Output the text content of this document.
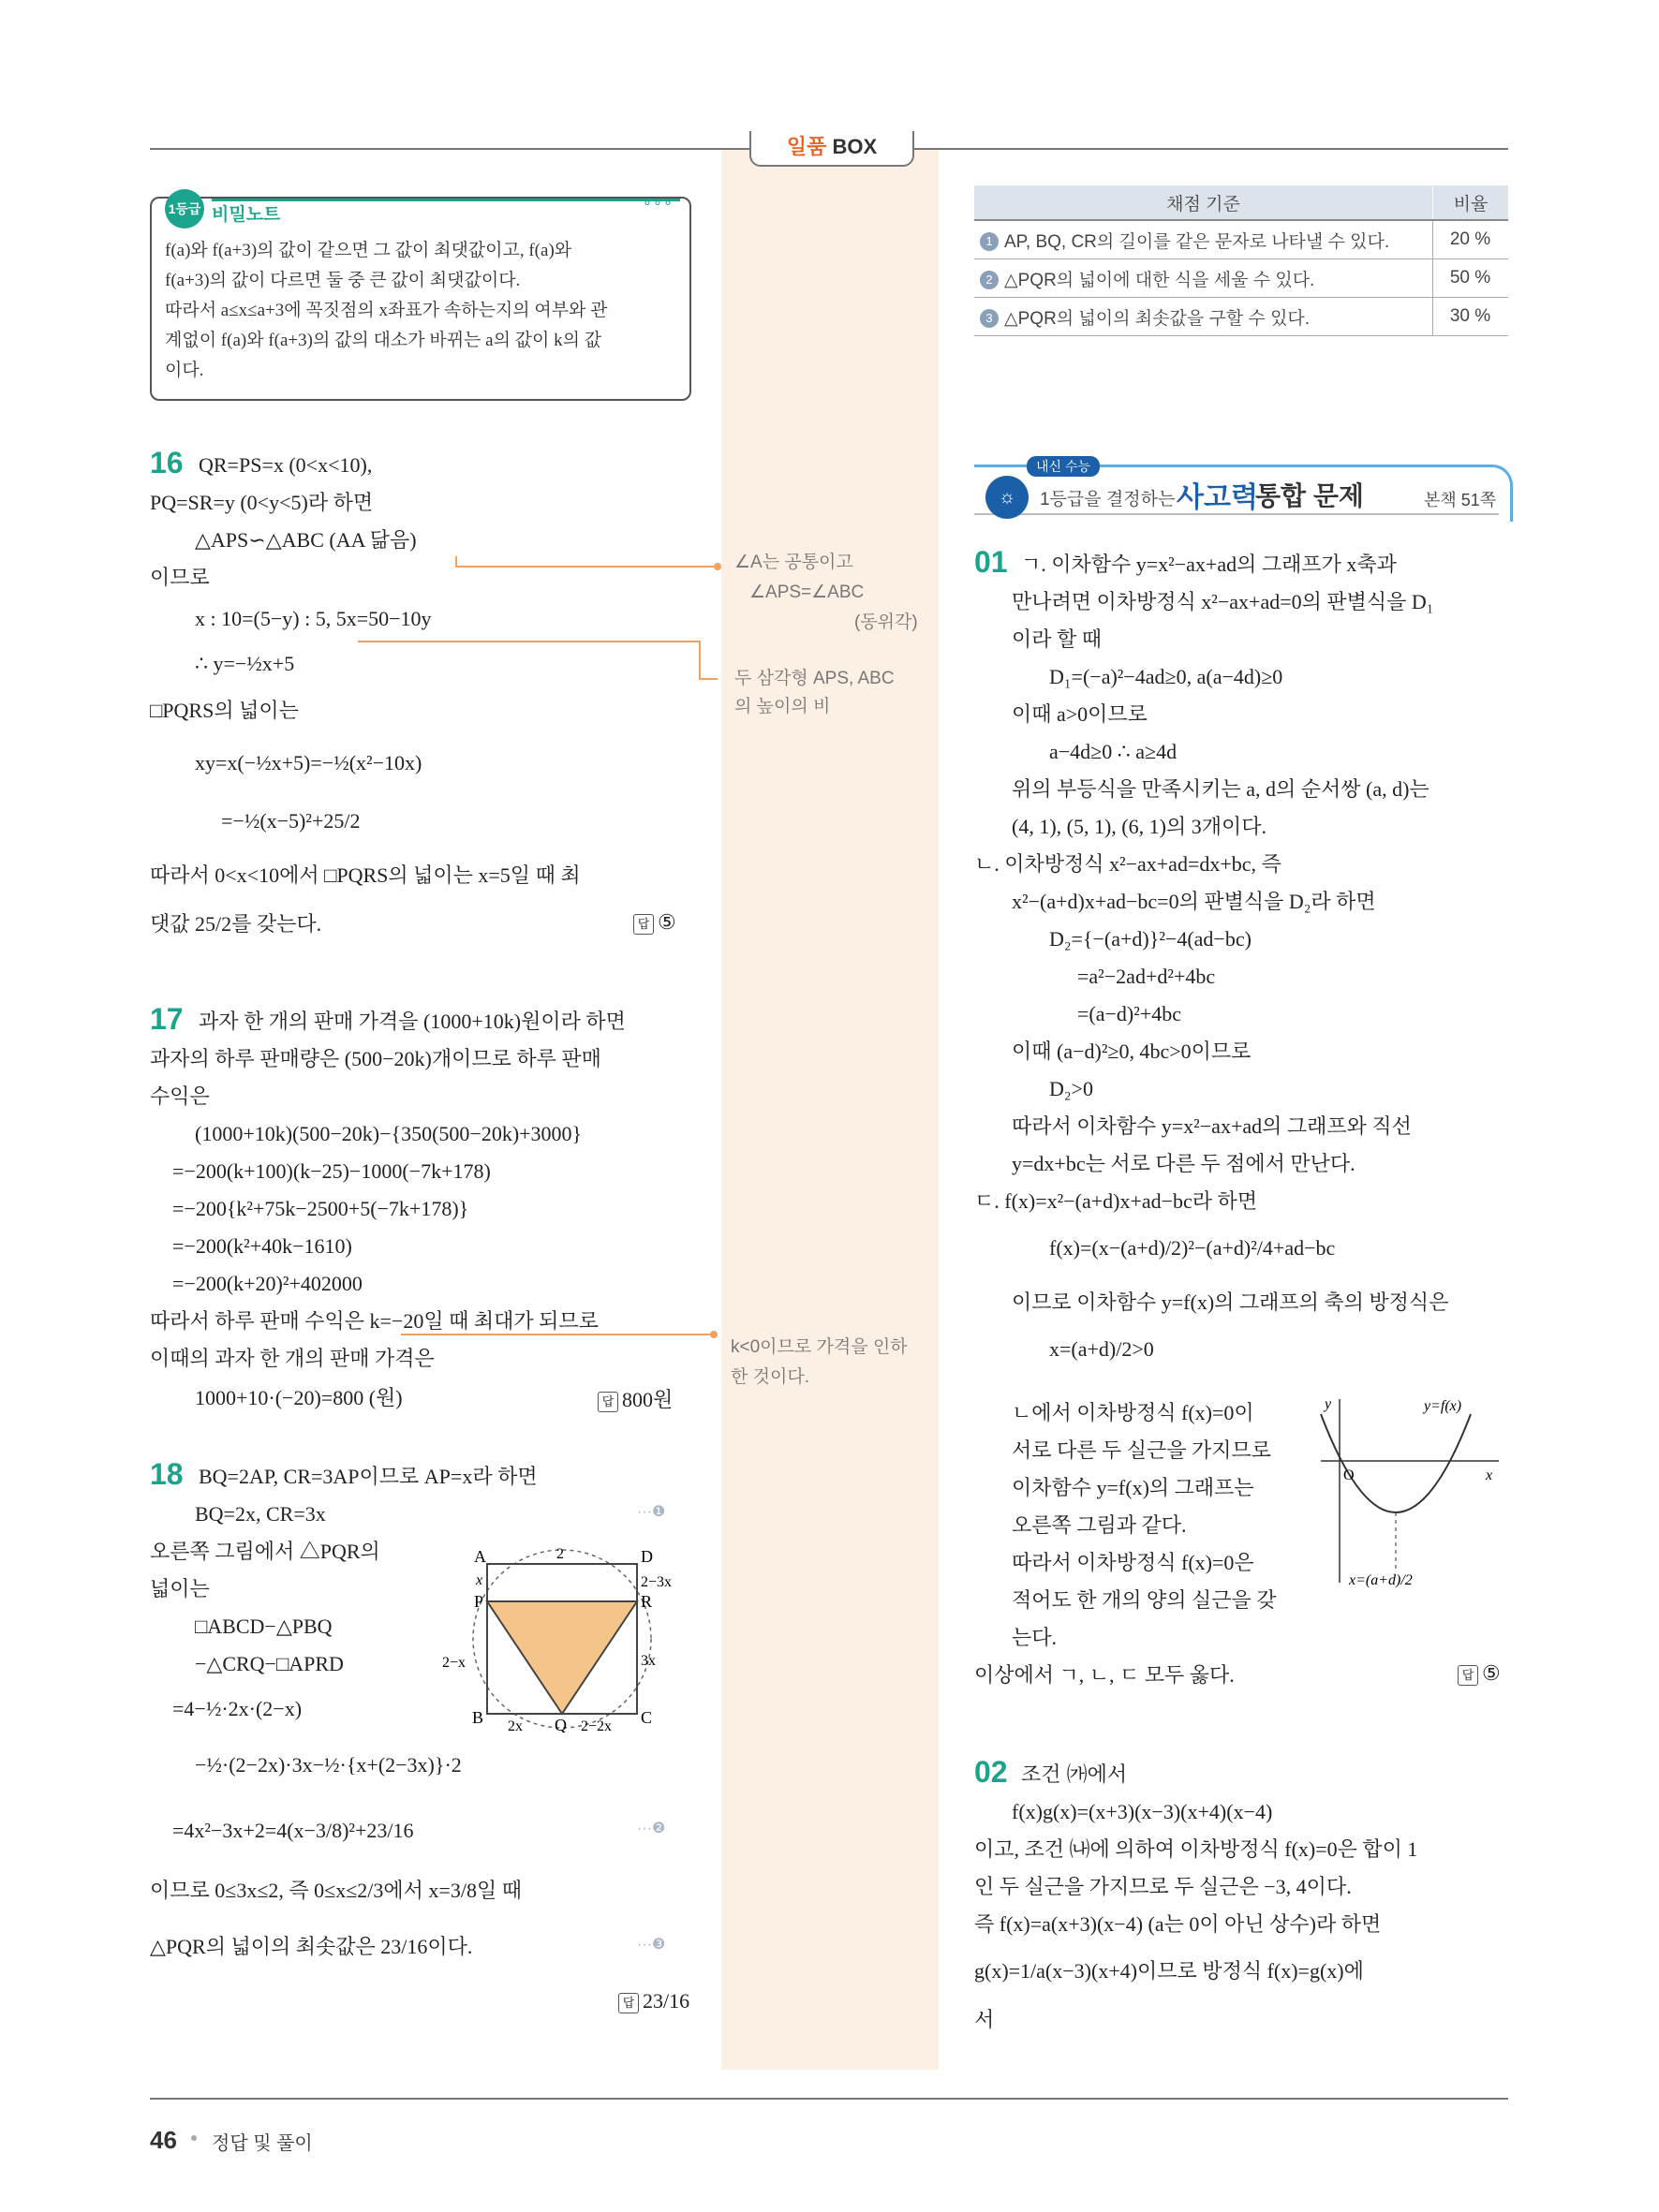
일품 BOX
1등급 비밀노트
∘∘∘
f(a)와 f(a+3)의 값이 같으면 그 값이 최댓값이고, f(a)와
f(a+3)의 값이 다르면 둘 중 큰 값이 최댓값이다.
따라서 a≤x≤a+3에 꼭짓점의 x좌표가 속하는지의 여부와 관
계없이 f(a)와 f(a+3)의 값의 대소가 바뀌는 a의 값이 k의 값
이다.
16 QR=PS=x (0<x<10),
PQ=SR=y (0<y<5)라 하면
△APS∽△ABC (AA 닮음)
이므로
x : 10=(5−y) : 5, 5x=50−10y
∴ y=−½x+5
□PQRS의 넓이는
xy=x(−½x+5)=−½(x²−10x)
=−½(x−5)²+25/2
따라서 0<x<10에서 □PQRS의 넓이는 x=5일 때 최
댓값 25/2를 갖는다.	답 ⑤
∠A는 공통이고
∠APS=∠ABC
(동위각)
두 삼각형 APS, ABC
의 높이의 비
k<0이므로 가격을 인하
한 것이다.
17 과자 한 개의 판매 가격을 (1000+10k)원이라 하면
과자의 하루 판매량은 (500−20k)개이므로 하루 판매
수익은
(1000+10k)(500−20k)−{350(500−20k)+3000}
=−200(k+100)(k−25)−1000(−7k+178)
=−200{k²+75k−2500+5(−7k+178)}
=−200(k²+40k−1610)
=−200(k+20)²+402000
따라서 하루 판매 수익은 k=−20일 때 최대가 되므로
이때의 과자 한 개의 판매 가격은
1000+10·(−20)=800 (원)	답 800원
18 BQ=2AP, CR=3AP이므로 AP=x라 하면
BQ=2x, CR=3x	···❶
오른쪽 그림에서 △PQR의
넓이는
□ABCD−△PBQ
−△CRQ−□APRD
=4−½·2x·(2−x)
−½·(2−2x)·3x−½·{x+(2−3x)}·2
=4x²−3x+2=4(x−3/8)²+23/16	···❷
이므로 0≤3x≤2, 즉 0≤x≤2/3에서 x=3/8일 때
△PQR의 넓이의 최솟값은 23/16이다.	···❸
답 23/16
A	D
B	C
P
Q
R
2
x
2−x
2−3x
3x
2x	2−2x
채점 기준	비율
1 AP, BQ, CR의 길이를 같은 문자로 나타낼 수 있다.	20 %
2 △PQR의 넓이에 대한 식을 세울 수 있다.	50 %
3 △PQR의 넓이의 최솟값을 구할 수 있다.	30 %
☼
내신 수능
1등급을 결정하는 사고력
통합 문제	본책 51쪽
01 ㄱ. 이차함수 y=x²−ax+ad의 그래프가 x축과
만나려면 이차방정식 x²−ax+ad=0의 판별식을 D₁
이라 할 때
D₁=(−a)²−4ad≥0, a(a−4d)≥0
이때 a>0이므로
a−4d≥0 ∴ a≥4d
위의 부등식을 만족시키는 a, d의 순서쌍 (a, d)는
(4, 1), (5, 1), (6, 1)의 3개이다.
ㄴ. 이차방정식 x²−ax+ad=dx+bc, 즉
x²−(a+d)x+ad−bc=0의 판별식을 D₂라 하면
D₂={−(a+d)}²−4(ad−bc)
=a²−2ad+d²+4bc
=(a−d)²+4bc
이때 (a−d)²≥0, 4bc>0이므로
D₂>0
따라서 이차함수 y=x²−ax+ad의 그래프와 직선
y=dx+bc는 서로 다른 두 점에서 만난다.
ㄷ. f(x)=x²−(a+d)x+ad−bc라 하면
f(x)=(x−(a+d)/2)²−(a+d)²/4+ad−bc
이므로 이차함수 y=f(x)의 그래프의 축의 방정식은
x=(a+d)/2>0
ㄴ에서 이차방정식 f(x)=0이
서로 다른 두 실근을 가지므로
이차함수 y=f(x)의 그래프는
오른쪽 그림과 같다.
따라서 이차방정식 f(x)=0은
적어도 한 개의 양의 실근을 갖
는다.
이상에서 ㄱ, ㄴ, ㄷ 모두 옳다.	답 ⑤
y	y=f(x)
O	x
x=(a+d)/2
02 조건 ㈎에서
f(x)g(x)=(x+3)(x−3)(x+4)(x−4)
이고, 조건 ㈏에 의하여 이차방정식 f(x)=0은 합이 1
인 두 실근을 가지므로 두 실근은 −3, 4이다.
즉 f(x)=a(x+3)(x−4) (a는 0이 아닌 상수)라 하면
g(x)=1/a(x−3)(x+4)이므로 방정식 f(x)=g(x)에
서
46 정답 및 풀이
